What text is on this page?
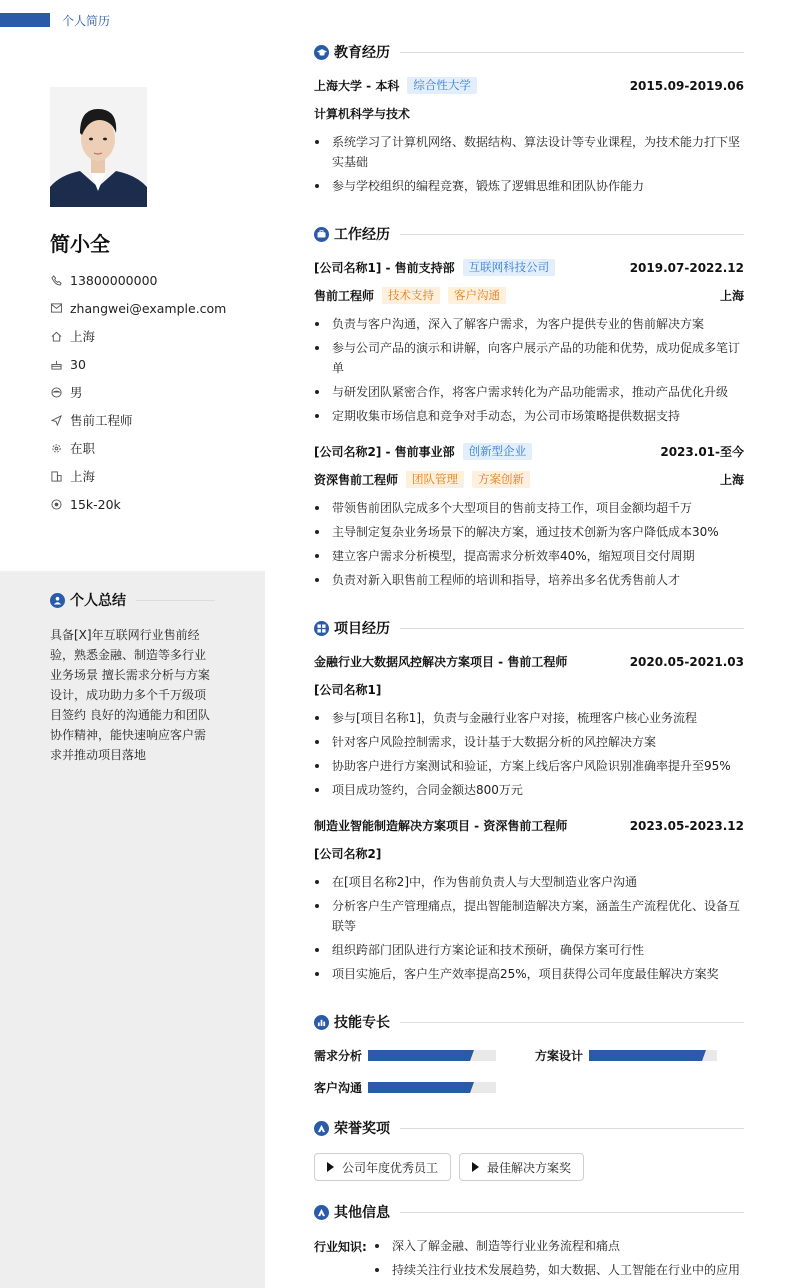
个人简历
简小全
13800000000
zhangwei@example.com
上海
30
男
售前工程师
在职
上海
15k-20k
个人总结
具备[X]年互联网行业售前经验，熟悉金融、制造等多行业业务场景 擅长需求分析与方案设计，成功助力多个千万级项目签约 良好的沟通能力和团队协作精神，能快速响应客户需求并推动项目落地
教育经历
上海大学 - 本科	综合性大学	2015.09-2019.06
计算机科学与技术
系统学习了计算机网络、数据结构、算法设计等专业课程，为技术能力打下坚实基础
参与学校组织的编程竞赛，锻炼了逻辑思维和团队协作能力
工作经历
[公司名称1] - 售前支持部	互联网科技公司	2019.07-2022.12
售前工程师	技术支持	客户沟通	上海
负责与客户沟通，深入了解客户需求，为客户提供专业的售前解决方案
参与公司产品的演示和讲解，向客户展示产品的功能和优势，成功促成多笔订单
与研发团队紧密合作，将客户需求转化为产品功能需求，推动产品优化升级
定期收集市场信息和竞争对手动态，为公司市场策略提供数据支持
[公司名称2] - 售前事业部	创新型企业	2023.01-至今
资深售前工程师	团队管理	方案创新	上海
带领售前团队完成多个大型项目的售前支持工作，项目金额均超千万
主导制定复杂业务场景下的解决方案，通过技术创新为客户降低成本30%
建立客户需求分析模型，提高需求分析效率40%，缩短项目交付周期
负责对新入职售前工程师的培训和指导，培养出多名优秀售前人才
项目经历
金融行业大数据风控解决方案项目 - 售前工程师	2020.05-2021.03
[公司名称1]
参与[项目名称1]，负责与金融行业客户对接，梳理客户核心业务流程
针对客户风险控制需求，设计基于大数据分析的风控解决方案
协助客户进行方案测试和验证，方案上线后客户风险识别准确率提升至95%
项目成功签约，合同金额达800万元
制造业智能制造解决方案项目 - 资深售前工程师	2023.05-2023.12
[公司名称2]
在[项目名称2]中，作为售前负责人与大型制造业客户沟通
分析客户生产管理痛点，提出智能制造解决方案，涵盖生产流程优化、设备互联等
组织跨部门团队进行方案论证和技术预研，确保方案可行性
项目实施后，客户生产效率提高25%，项目获得公司年度最佳解决方案奖
技能专长
需求分析	方案设计
客户沟通
荣誉奖项
公司年度优秀员工	最佳解决方案奖
其他信息
行业知识:	深入了解金融、制造等行业业务流程和痛点
持续关注行业技术发展趋势，如大数据、人工智能在行业中的应用
